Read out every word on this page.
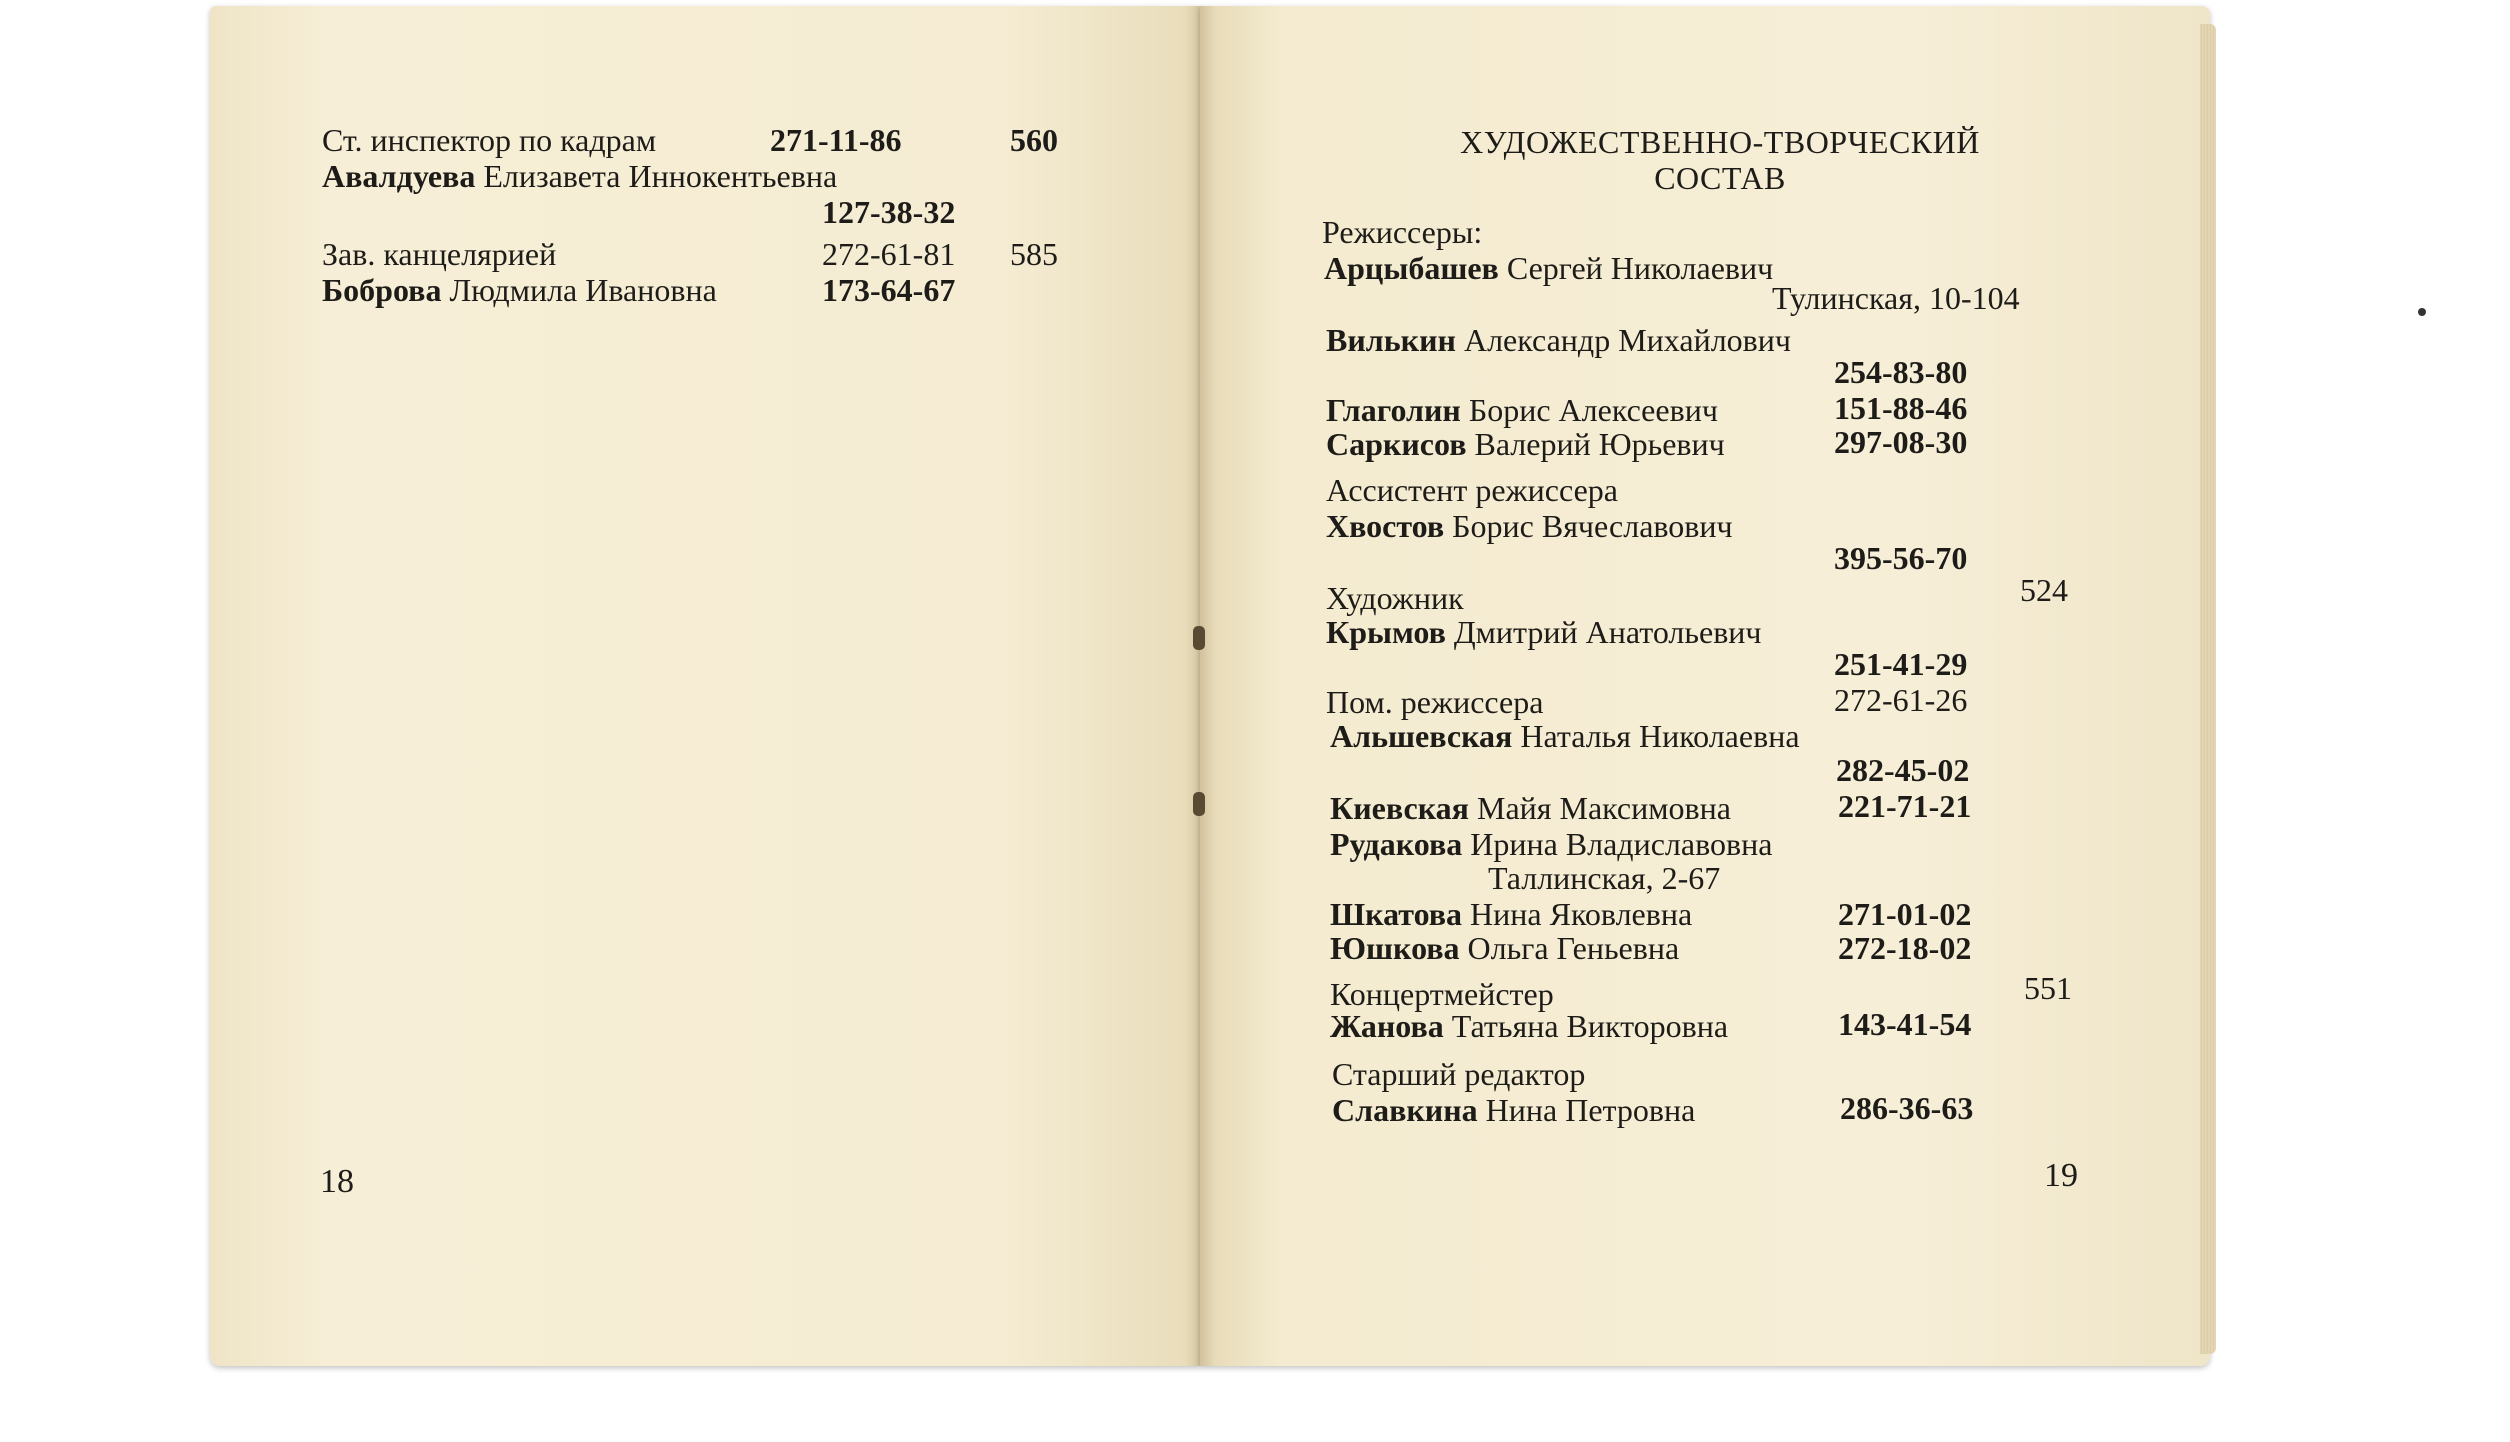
Ст. инспектор по кадрам	271-11-86	560
Авалдуева Елизавета Иннокентьевна
127-38-32
Зав. канцелярией	272-61-81 585
Боброва Людмила Ивановна	173-64-67
18
ХУДОЖЕСТВЕННО-ТВОРЧЕСКИЙ
СОСТАВ
Режиссеры:
Арцыбашев Сергей Николаевич
Тулинская, 10-104
Вилькин Александр Михайлович
254-83-80
Глаголин Борис Алексеевич	151-88-46
Саркисов Валерий Юрьевич	297-08-30
Ассистент режиссера
Хвостов Борис Вячеславович
395-56-70
Художник	524
Крымов Дмитрий Анатольевич
251-41-29
Пом. режиссера	272-61-26
Альшевская Наталья Николаевна
282-45-02
Киевская Майя Максимовна	221-71-21
Рудакова Ирина Владиславовна
Таллинская, 2-67
Шкатова Нина Яковлевна	271-01-02
Юшкова Ольга Геньевна	272-18-02
Концертмейстер	551
Жанова Татьяна Викторовна	143-41-54
Старший редактор
Славкина Нина Петровна	286-36-63
19
